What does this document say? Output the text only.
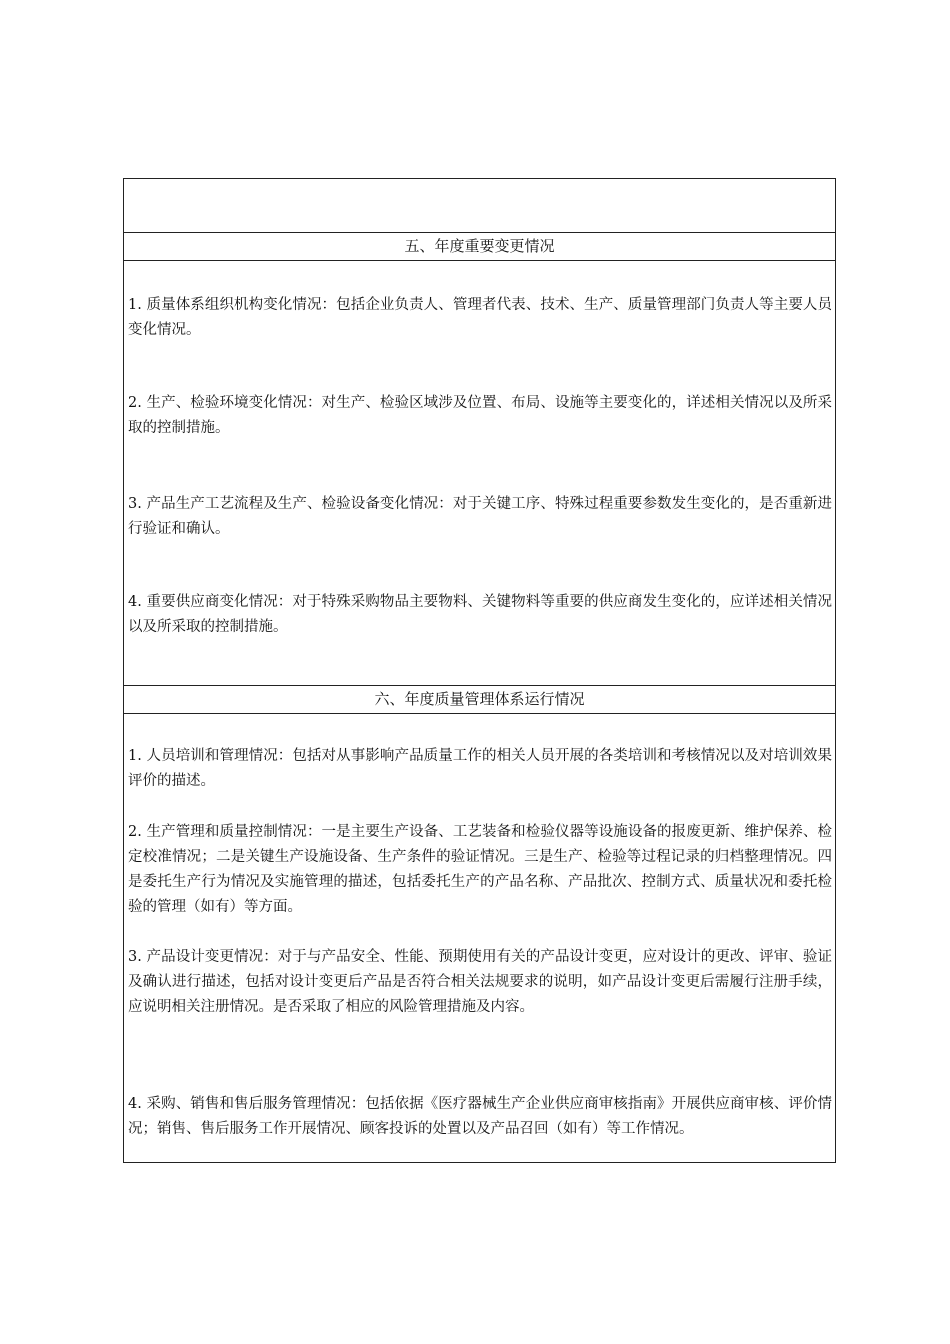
五、年度重要变更情况

1. 质量体系组织机构变化情况：包括企业负责人、管理者代表、技术、生产、质量管理部门负责人等主要人员变化情况。

2. 生产、检验环境变化情况：对生产、检验区域涉及位置、布局、设施等主要变化的，详述相关情况以及所采取的控制措施。

3. 产品生产工艺流程及生产、检验设备变化情况：对于关键工序、特殊过程重要参数发生变化的，是否重新进行验证和确认。

4. 重要供应商变化情况：对于特殊采购物品主要物料、关键物料等重要的供应商发生变化的，应详述相关情况以及所采取的控制措施。

六、年度质量管理体系运行情况

1. 人员培训和管理情况：包括对从事影响产品质量工作的相关人员开展的各类培训和考核情况以及对培训效果评价的描述。

2. 生产管理和质量控制情况：一是主要生产设备、工艺装备和检验仪器等设施设备的报废更新、维护保养、检定校准情况；二是关键生产设施设备、生产条件的验证情况。三是生产、检验等过程记录的归档整理情况。四是委托生产行为情况及实施管理的描述，包括委托生产的产品名称、产品批次、控制方式、质量状况和委托检验的管理（如有）等方面。

3. 产品设计变更情况：对于与产品安全、性能、预期使用有关的产品设计变更，应对设计的更改、评审、验证及确认进行描述，包括对设计变更后产品是否符合相关法规要求的说明，如产品设计变更后需履行注册手续，应说明相关注册情况。是否采取了相应的风险管理措施及内容。

4. 采购、销售和售后服务管理情况：包括依据《医疗器械生产企业供应商审核指南》开展供应商审核、评价情况；销售、售后服务工作开展情况、顾客投诉的处置以及产品召回（如有）等工作情况。
